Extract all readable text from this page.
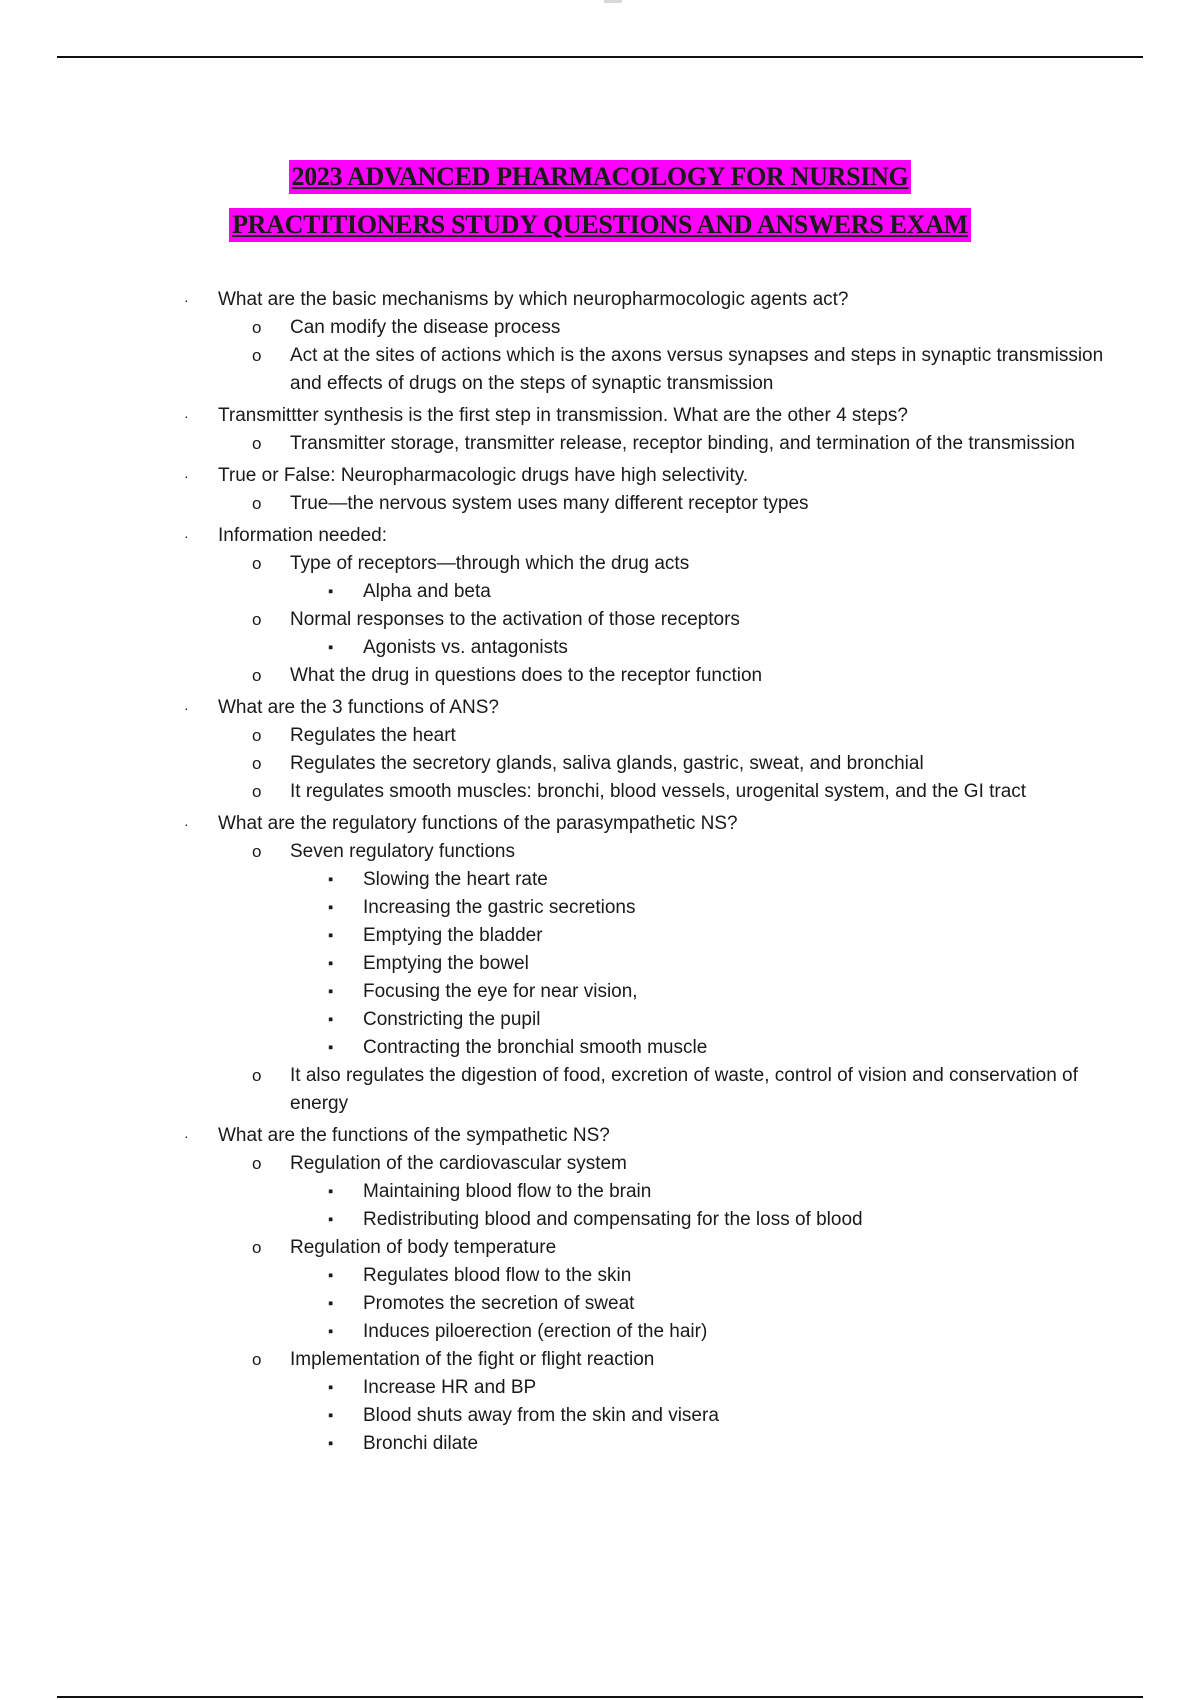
2023 ADVANCED PHARMACOLOGY FOR NURSING
PRACTITIONERS STUDY QUESTIONS AND ANSWERS EXAM
· What are the basic mechanisms by which neuropharmocologic agents act?
o Can modify the disease process
o Act at the sites of actions which is the axons versus synapses and steps in synaptic transmission and effects of drugs on the steps of synaptic transmission
· Transmittter synthesis is the first step in transmission. What are the other 4 steps?
o Transmitter storage, transmitter release, receptor binding, and termination of the transmission
· True or False: Neuropharmacologic drugs have high selectivity.
o True—the nervous system uses many different receptor types
· Information needed:
o Type of receptors—through which the drug acts
▪ Alpha and beta
o Normal responses to the activation of those receptors
▪ Agonists vs. antagonists
o What the drug in questions does to the receptor function
· What are the 3 functions of ANS?
o Regulates the heart
o Regulates the secretory glands, saliva glands, gastric, sweat, and bronchial
o It regulates smooth muscles: bronchi, blood vessels, urogenital system, and the GI tract
· What are the regulatory functions of the parasympathetic NS?
o Seven regulatory functions
▪ Slowing the heart rate
▪ Increasing the gastric secretions
▪ Emptying the bladder
▪ Emptying the bowel
▪ Focusing the eye for near vision,
▪ Constricting the pupil
▪ Contracting the bronchial smooth muscle
o It also regulates the digestion of food, excretion of waste, control of vision and conservation of energy
· What are the functions of the sympathetic NS?
o Regulation of the cardiovascular system
▪ Maintaining blood flow to the brain
▪ Redistributing blood and compensating for the loss of blood
o Regulation of body temperature
▪ Regulates blood flow to the skin
▪ Promotes the secretion of sweat
▪ Induces piloerection (erection of the hair)
o Implementation of the fight or flight reaction
▪ Increase HR and BP
▪ Blood shuts away from the skin and visera
▪ Bronchi dilate
